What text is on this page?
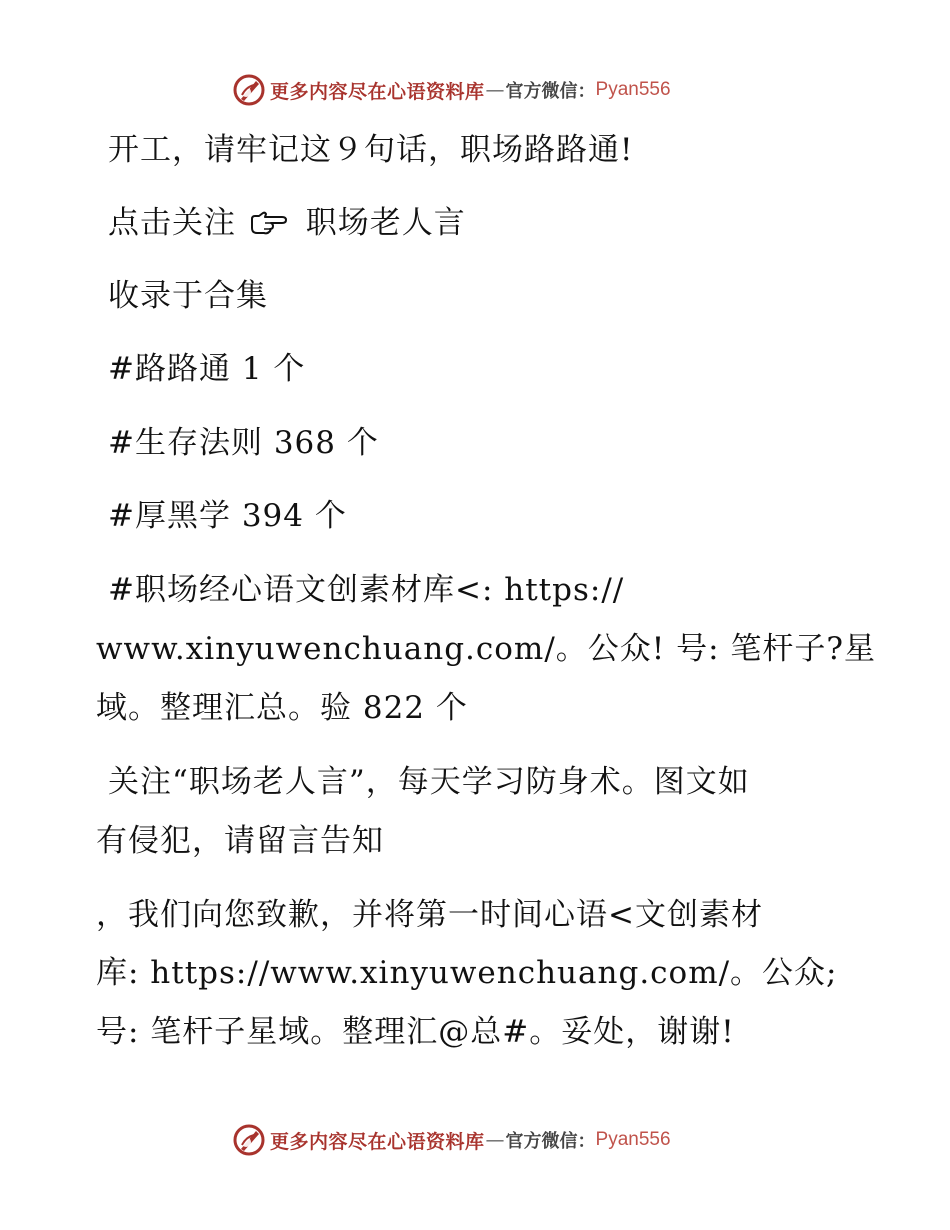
更多内容尽在心语资料库 — 官方微信： Pyan556
开工，请牢记这９句话，职场路路通!
点击关注 职场老人言
收录于合集
#路路通 1 个
#生存法则 368 个
#厚黑学 394 个
#职场经心语文创素材库<: https://
www.xinyuwenchuang.com/。公众! 号: 笔杆子?星
域。整理汇总。验 822 个
关注“职场老人言”，每天学习防身术。图文如
有侵犯，请留言告知
，我们向您致歉，并将第一时间心语<文创素材
库: https://www.xinyuwenchuang.com/。公众;
号: 笔杆子星域。整理汇@总#。妥处，谢谢!
更多内容尽在心语资料库 — 官方微信： Pyan556
